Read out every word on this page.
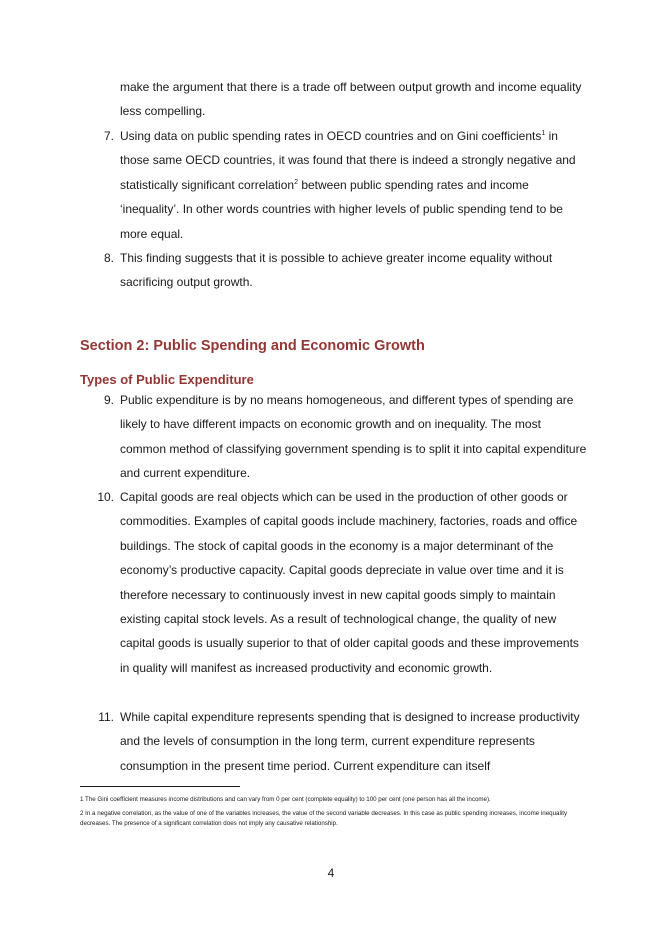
make the argument that there is a trade off between output growth and income equality less compelling.

7. Using data on public spending rates in OECD countries and on Gini coefficients$^1$ in those same OECD countries, it was found that there is indeed a strongly negative and statistically significant correlation$^2$ between public spending rates and income ‘inequality’. In other words countries with higher levels of public spending tend to be more equal.

8. This finding suggests that it is possible to achieve greater income equality without sacrificing output growth.

Section 2: Public Spending and Economic Growth
Types of Public Expenditure
9. Public expenditure is by no means homogeneous, and different types of spending are likely to have different impacts on economic growth and on inequality. The most common method of classifying government spending is to split it into capital expenditure and current expenditure.

10. Capital goods are real objects which can be used in the production of other goods or commodities. Examples of capital goods include machinery, factories, roads and office buildings. The stock of capital goods in the economy is a major determinant of the economy’s productive capacity. Capital goods depreciate in value over time and it is therefore necessary to continuously invest in new capital goods simply to maintain existing capital stock levels. As a result of technological change, the quality of new capital goods is usually superior to that of older capital goods and these improvements in quality will manifest as increased productivity and economic growth.

11. While capital expenditure represents spending that is designed to increase productivity and the levels of consumption in the long term, current expenditure represents consumption in the present time period. Current expenditure can itself

1 The Gini coefficient measures income distributions and can vary from 0 per cent (complete equality) to 100 per cent (one person has all the income).

2 In a negative correlation, as the value of one of the variables increases, the value of the second variable decreases. In this case as public spending increases, income inequality decreases. The presence of a significant correlation does not imply any causative relationship.

4
